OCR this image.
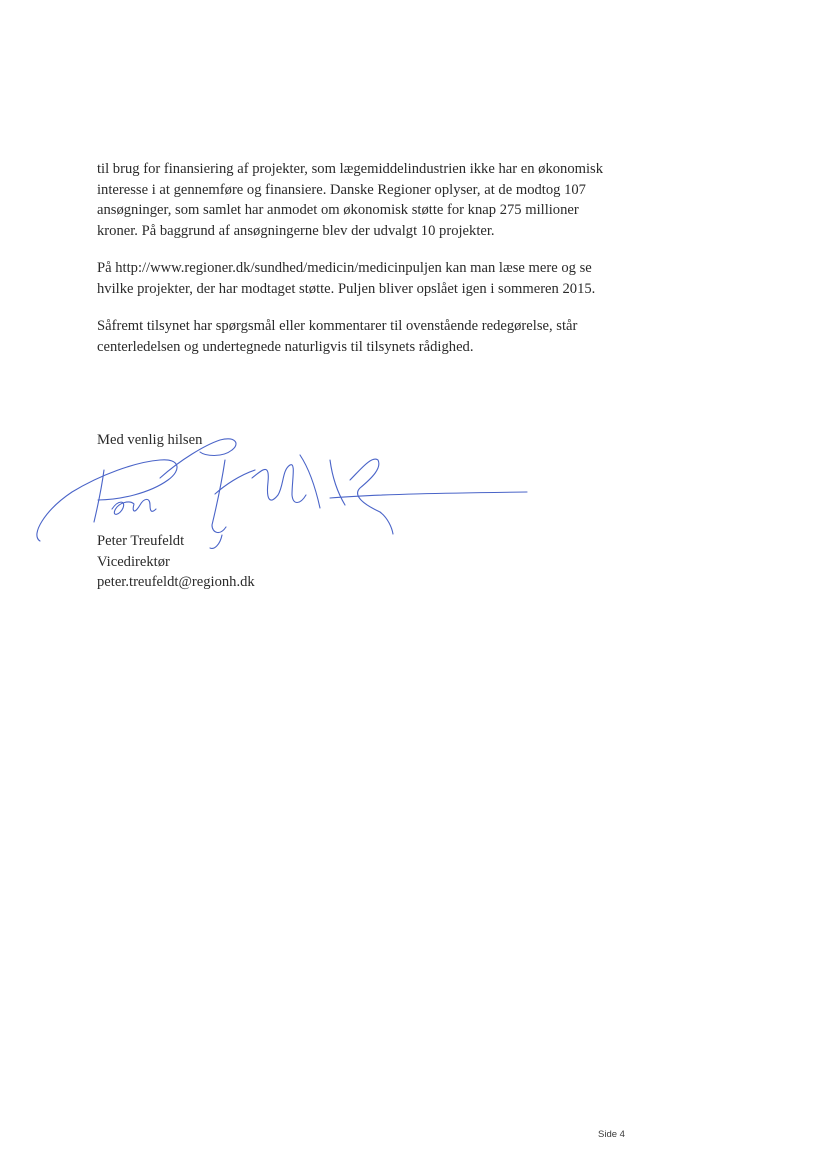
til brug for finansiering af projekter, som lægemiddelindustrien ikke har en økonomisk
interesse i at gennemføre og finansiere. Danske Regioner oplyser, at de modtog 107
ansøgninger, som samlet har anmodet om økonomisk støtte for knap 275 millioner
kroner. På baggrund af ansøgningerne blev der udvalgt 10 projekter.

På http://www.regioner.dk/sundhed/medicin/medicinpuljen kan man læse mere og se
hvilke projekter, der har modtaget støtte. Puljen bliver opslået igen i sommeren 2015.

Såfremt tilsynet har spørgsmål eller kommentarer til ovenstående redegørelse, står
centerledelsen og undertegnede naturligvis til tilsynets rådighed.

Med venlig hilsen
Peter Treufeldt
Vicedirektør
peter.treufeldt@regionh.dk
Side 4
